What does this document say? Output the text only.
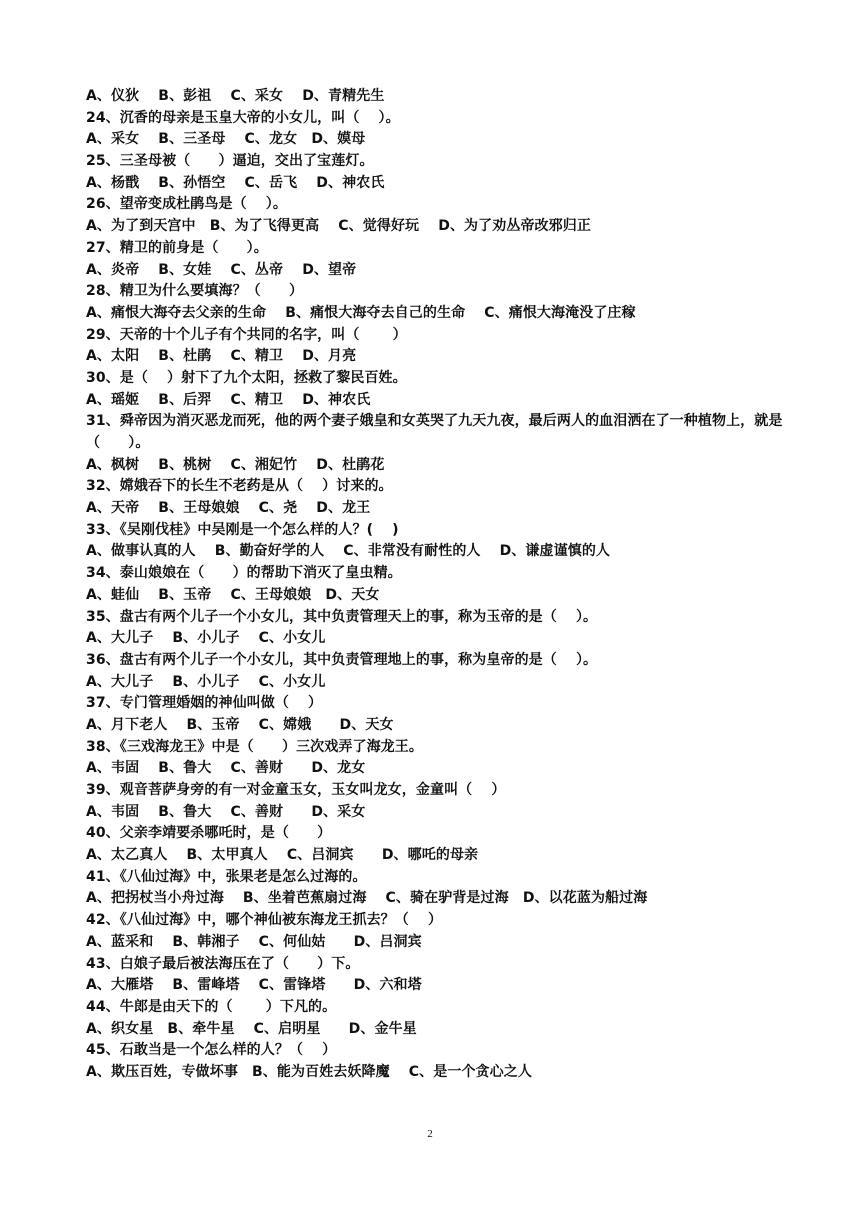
A、仪狄　 B、彭祖　 C、采女　 D、青精先生
24、沉香的母亲是玉皇大帝的小女儿，叫（　 ）。
A、采女　 B、三圣母　 C、龙女　D、嫫母
25、三圣母被（　　）逼迫，交出了宝莲灯。
A、杨戬　 B、孙悟空　 C、岳飞　 D、神农氏
26、望帝变成杜鹃鸟是（　 ）。
A、为了到天宫中　B、为了飞得更高　 C、觉得好玩　 D、为了劝丛帝改邪归正
27、精卫的前身是（　　）。
A、炎帝　 B、女娃　 C、丛帝　 D、望帝
28、精卫为什么要填海？（　　）
A、痛恨大海夺去父亲的生命　 B、痛恨大海夺去自己的生命　 C、痛恨大海淹没了庄稼
29、天帝的十个儿子有个共同的名字，叫（　　 ）
A、太阳　 B、杜鹃　 C、精卫　 D、月亮
30、是（　 ）射下了九个太阳，拯救了黎民百姓。
A、瑶姬　 B、后羿　 C、精卫　 D、神农氏
31、舜帝因为消灭恶龙而死，他的两个妻子娥皇和女英哭了九天九夜，最后两人的血泪洒在了一种植物上，就是（　　）。
A、枫树　 B、桃树　 C、湘妃竹　 D、杜鹃花
32、嫦娥吞下的长生不老药是从（　 ）讨来的。
A、天帝　 B、王母娘娘　 C、尧　 D、龙王
33、《吴刚伐桂》中吴刚是一个怎么样的人？(　 )
A、做事认真的人　 B、勤奋好学的人　 C、非常没有耐性的人　 D、谦虚谨慎的人
34、泰山娘娘在（　　）的帮助下消灭了皇虫精。
A、蛙仙　 B、玉帝　 C、王母娘娘　D、天女
35、盘古有两个儿子一个小女儿，其中负责管理天上的事，称为玉帝的是（　 ）。
A、大儿子　 B、小儿子　 C、小女儿
36、盘古有两个儿子一个小女儿，其中负责管理地上的事，称为皇帝的是（　 ）。
A、大儿子　 B、小儿子　 C、小女儿
37、专门管理婚姻的神仙叫做（　 ）
A、月下老人　 B、玉帝　 C、嫦娥　　D、天女
38、《三戏海龙王》中是（　　）三次戏弄了海龙王。
A、韦固　 B、鲁大　 C、善财　　D、龙女
39、观音菩萨身旁的有一对金童玉女，玉女叫龙女，金童叫（　 ）
A、韦固　 B、鲁大　 C、善财　　D、采女
40、父亲李靖要杀哪吒时，是（　　）
A、太乙真人　 B、太甲真人　 C、吕洞宾　　D、哪吒的母亲
41、《八仙过海》中，张果老是怎么过海的。
A、把拐杖当小舟过海　 B、坐着芭蕉扇过海　 C、骑在驴背是过海　D、以花蓝为船过海
42、《八仙过海》中，哪个神仙被东海龙王抓去？（　 ）
A、蓝采和　 B、韩湘子　 C、何仙姑　　D、吕洞宾
43、白娘子最后被法海压在了（　　）下。
A、大雁塔　 B、雷峰塔　 C、雷锋塔　　D、六和塔
44、牛郎是由天下的（　　 ）下凡的。
A、织女星　B、牵牛星　 C、启明星　　D、金牛星
45、石敢当是一个怎么样的人？（　 ）
A、欺压百姓，专做坏事　B、能为百姓去妖降魔　 C、是一个贪心之人
2
